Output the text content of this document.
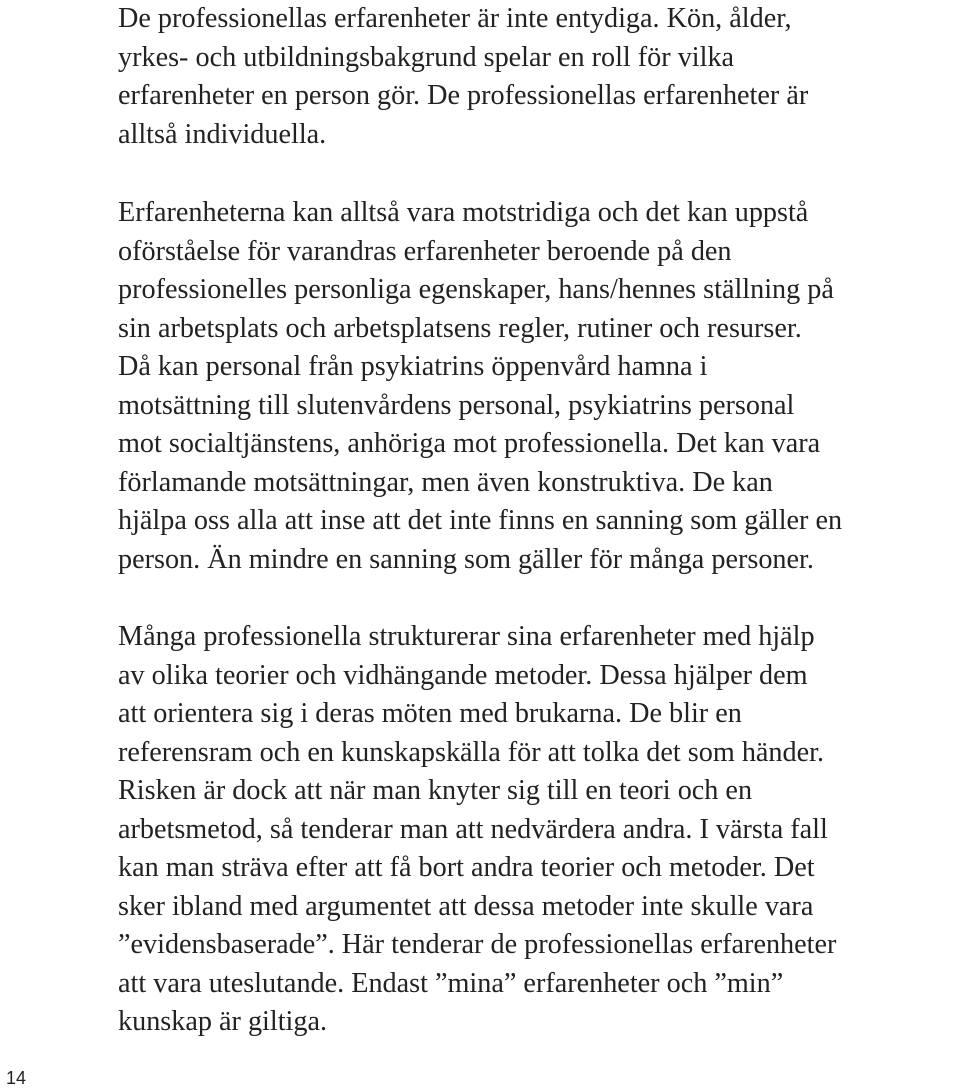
De professionellas erfarenheter är inte entydiga. Kön, ålder,
yrkes- och utbildningsbakgrund spelar en roll för vilka
erfarenheter en person gör. De professionellas erfarenheter är
alltså individuella.
Erfarenheterna kan alltså vara motstridiga och det kan uppstå
oförståelse för varandras erfarenheter beroende på den
professionelles personliga egenskaper, hans/hennes ställning på
sin arbetsplats och arbetsplatsens regler, rutiner och resurser.
Då kan personal från psykiatrins öppenvård hamna i
motsättning till slutenvårdens personal, psykiatrins personal
mot socialtjänstens, anhöriga mot professionella. Det kan vara
förlamande motsättningar, men även konstruktiva. De kan
hjälpa oss alla att inse att det inte finns en sanning som gäller en
person. Än mindre en sanning som gäller för många personer.
Många professionella strukturerar sina erfarenheter med hjälp
av olika teorier och vidhängande metoder. Dessa hjälper dem
att orientera sig i deras möten med brukarna. De blir en
referensram och en kunskapskälla för att tolka det som händer.
Risken är dock att när man knyter sig till en teori och en
arbetsmetod, så tenderar man att nedvärdera andra. I värsta fall
kan man sträva efter att få bort andra teorier och metoder. Det
sker ibland med argumentet att dessa metoder inte skulle vara
”evidensbaserade”. Här tenderar de professionellas erfarenheter
att vara uteslutande. Endast ”mina” erfarenheter och ”min”
kunskap är giltiga.
14
